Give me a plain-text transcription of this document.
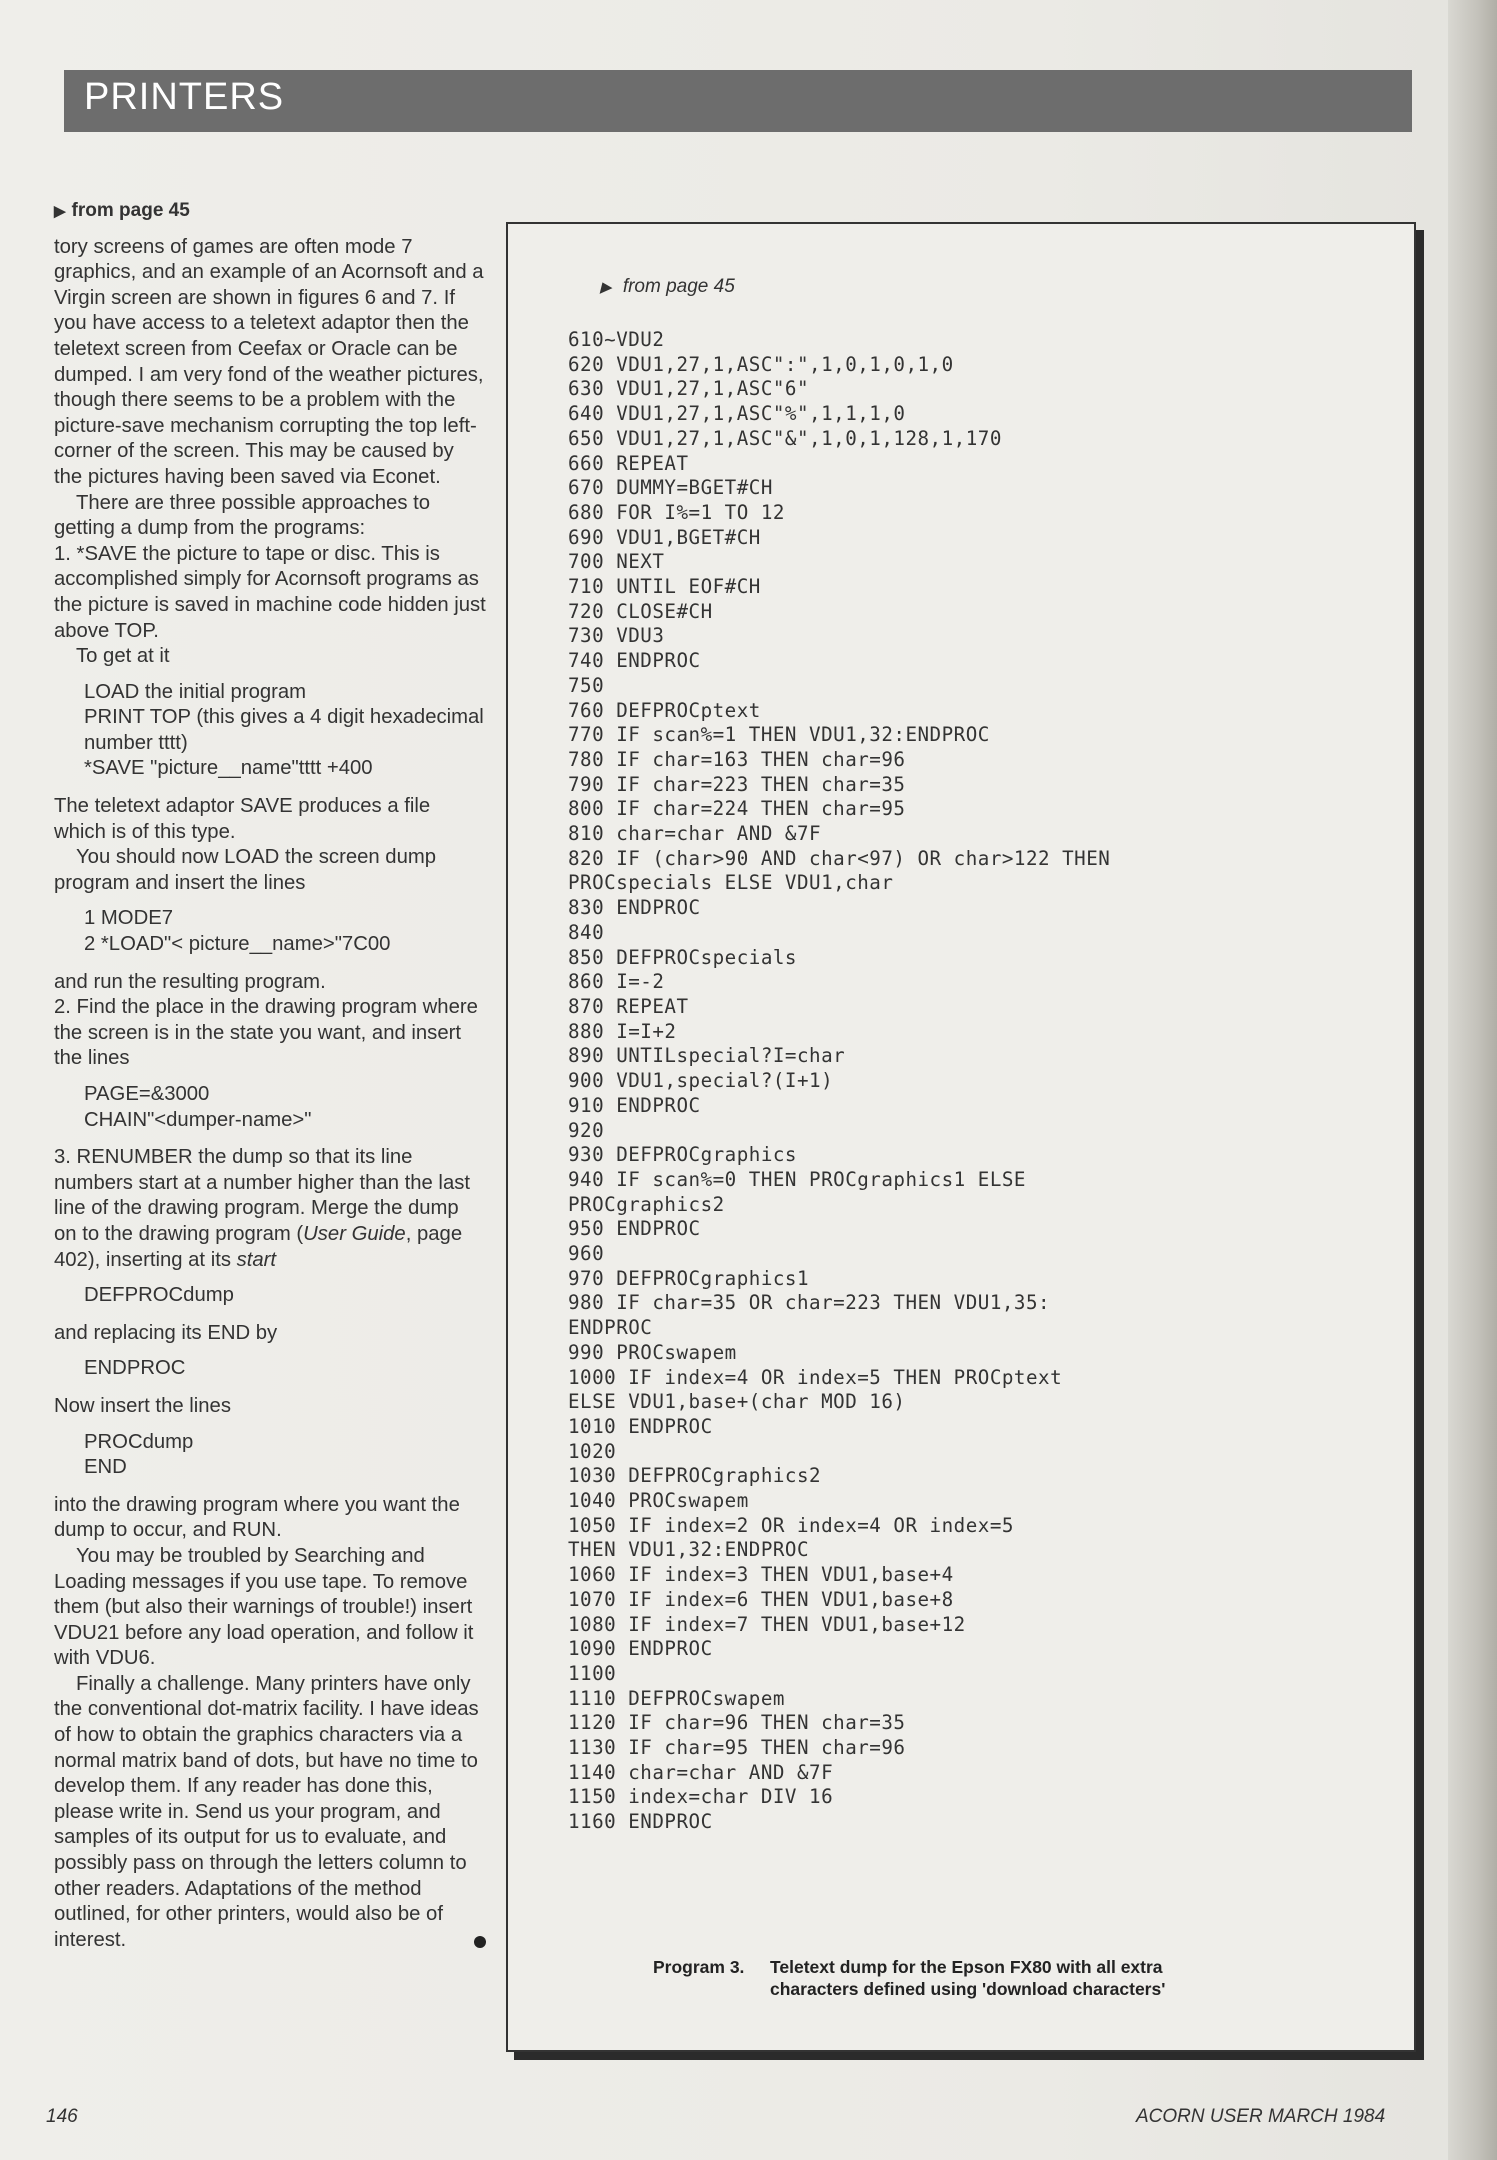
PRINTERS

▶ from page 45

tory screens of games are often mode 7 graphics, and an example of an Acornsoft and a Virgin screen are shown in figures 6 and 7. If you have access to a teletext adaptor then the teletext screen from Ceefax or Oracle can be dumped. I am very fond of the weather pictures, though there seems to be a problem with the picture-save mechanism corrupting the top left-corner of the screen. This may be caused by the pictures having been saved via Econet.

There are three possible approaches to getting a dump from the programs:

1. *SAVE the picture to tape or disc. This is accomplished simply for Acornsoft programs as the picture is saved in machine code hidden just above TOP.

To get at it

LOAD the initial program
PRINT TOP (this gives a 4 digit hexadecimal number tttt)
*SAVE "picture__name"tttt +400

The teletext adaptor SAVE produces a file which is of this type.

You should now LOAD the screen dump program and insert the lines

1 MODE7
2 *LOAD"< picture__name>"7C00

and run the resulting program.

2. Find the place in the drawing program where the screen is in the state you want, and insert the lines

PAGE=&3000
CHAIN"<dumper-name>"

3. RENUMBER the dump so that its line numbers start at a number higher than the last line of the drawing program. Merge the dump on to the drawing program (User Guide, page 402), inserting at its start

DEFPROCdump

and replacing its END by

ENDPROC

Now insert the lines

PROCdump
END

into the drawing program where you want the dump to occur, and RUN.

You may be troubled by Searching and Loading messages if you use tape. To remove them (but also their warnings of trouble!) insert VDU21 before any load operation, and follow it with VDU6.

Finally a challenge. Many printers have only the conventional dot-matrix facility. I have ideas of how to obtain the graphics characters via a normal matrix band of dots, but have no time to develop them. If any reader has done this, please write in. Send us your program, and samples of its output for us to evaluate, and possibly pass on through the letters column to other readers. Adaptations of the method outlined, for other printers, would also be of interest.

▶ from page 45
610~VDU2
620 VDU1,27,1,ASC":",1,0,1,0,1,0
630 VDU1,27,1,ASC"6"
640 VDU1,27,1,ASC"%",1,1,1,0
650 VDU1,27,1,ASC"&",1,0,1,128,1,170
660 REPEAT
670 DUMMY=BGET#CH
680 FOR I%=1 TO 12
690 VDU1,BGET#CH
700 NEXT
710 UNTIL EOF#CH
720 CLOSE#CH
730 VDU3
740 ENDPROC
750
760 DEFPROCptext
770 IF scan%=1 THEN VDU1,32:ENDPROC
780 IF char=163 THEN char=96
790 IF char=223 THEN char=35
800 IF char=224 THEN char=95
810 char=char AND &7F
820 IF (char>90 AND char<97) OR char>122 THEN
PROCspecials ELSE VDU1,char
830 ENDPROC
840
850 DEFPROCspecials
860 I=-2
870 REPEAT
880 I=I+2
890 UNTILspecial?I=char
900 VDU1,special?(I+1)
910 ENDPROC
920
930 DEFPROCgraphics
940 IF scan%=0 THEN PROCgraphics1 ELSE
PROCgraphics2
950 ENDPROC
960
970 DEFPROCgraphics1
980 IF char=35 OR char=223 THEN VDU1,35:
ENDPROC
990 PROCswapem
1000 IF index=4 OR index=5 THEN PROCptext
ELSE VDU1,base+(char MOD 16)
1010 ENDPROC
1020
1030 DEFPROCgraphics2
1040 PROCswapem
1050 IF index=2 OR index=4 OR index=5
THEN VDU1,32:ENDPROC
1060 IF index=3 THEN VDU1,base+4
1070 IF index=6 THEN VDU1,base+8
1080 IF index=7 THEN VDU1,base+12
1090 ENDPROC
1100
1110 DEFPROCswapem
1120 IF char=96 THEN char=35
1130 IF char=95 THEN char=96
1140 char=char AND &7F
1150 index=char DIV 16
1160 ENDPROC
Program 3. Teletext dump for the Epson FX80 with all extra characters defined using 'download characters'
146	ACORN USER MARCH 1984
